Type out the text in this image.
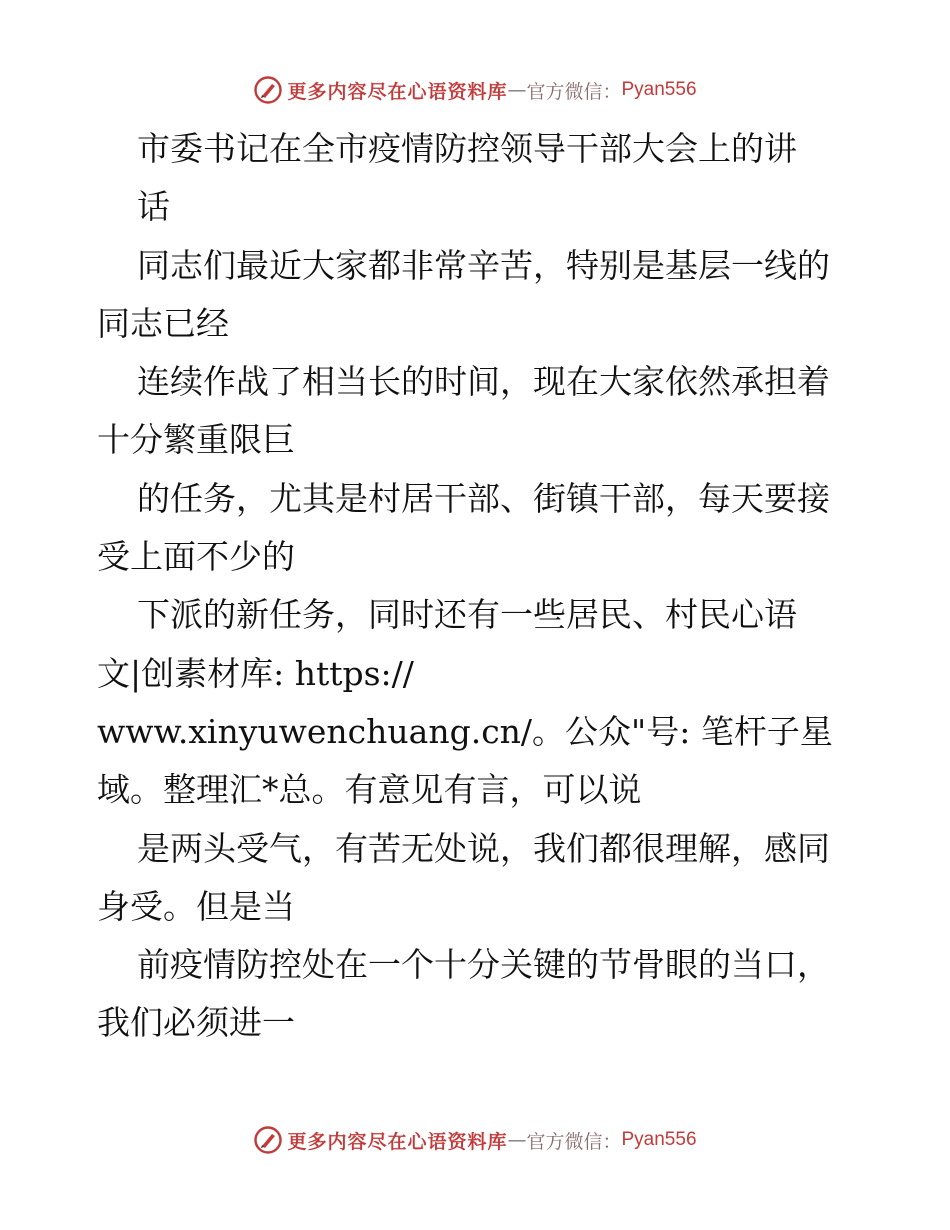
更多内容尽在心语资料库 — 官方微信： Pyan556
市委书记在全市疫情防控领导干部大会上的讲
话
同志们最近大家都非常辛苦，特别是基层一线的
同志已经
连续作战了相当长的时间，现在大家依然承担着
十分繁重限巨
的任务，尤其是村居干部、街镇干部，每天要接
受上面不少的
下派的新任务，同时还有一些居民、村民心语
文|创素材库: https://
www.xinyuwenchuang.cn/。公众"号: 笔杆子星
域。整理汇*总。有意见有言，可以说
是两头受气，有苦无处说，我们都很理解，感同
身受。但是当
前疫情防控处在一个十分关键的节骨眼的当口，
我们必须进一
更多内容尽在心语资料库 — 官方微信： Pyan556
